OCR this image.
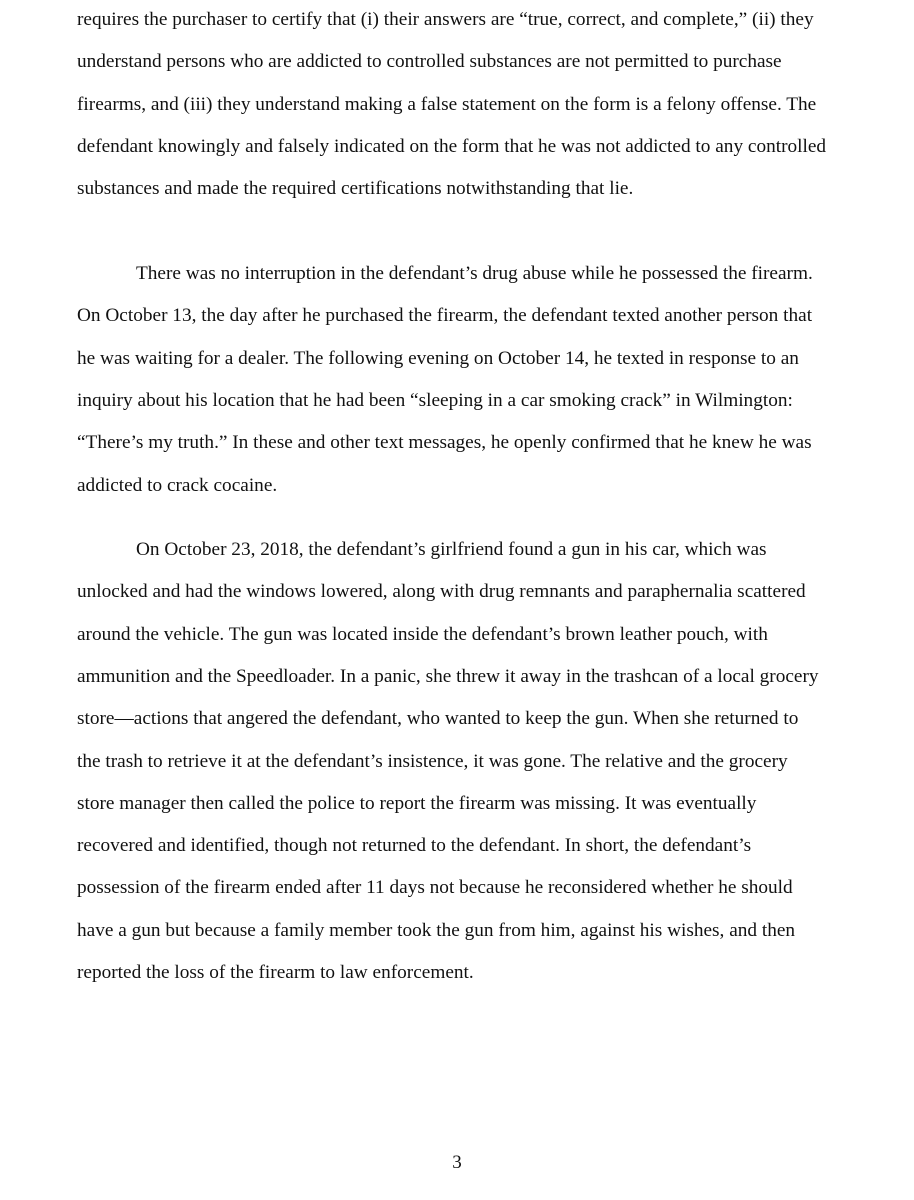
requires the purchaser to certify that (i) their answers are “true, correct, and complete,” (ii) they
understand persons who are addicted to controlled substances are not permitted to purchase
firearms, and (iii) they understand making a false statement on the form is a felony offense. The
defendant knowingly and falsely indicated on the form that he was not addicted to any controlled
substances and made the required certifications notwithstanding that lie.
There was no interruption in the defendant’s drug abuse while he possessed the firearm.
On October 13, the day after he purchased the firearm, the defendant texted another person that
he was waiting for a dealer. The following evening on October 14, he texted in response to an
inquiry about his location that he had been “sleeping in a car smoking crack” in Wilmington:
“There’s my truth.” In these and other text messages, he openly confirmed that he knew he was
addicted to crack cocaine.
On October 23, 2018, the defendant’s girlfriend found a gun in his car, which was
unlocked and had the windows lowered, along with drug remnants and paraphernalia scattered
around the vehicle. The gun was located inside the defendant’s brown leather pouch, with
ammunition and the Speedloader. In a panic, she threw it away in the trashcan of a local grocery
store—actions that angered the defendant, who wanted to keep the gun. When she returned to
the trash to retrieve it at the defendant’s insistence, it was gone. The relative and the grocery
store manager then called the police to report the firearm was missing. It was eventually
recovered and identified, though not returned to the defendant. In short, the defendant’s
possession of the firearm ended after 11 days not because he reconsidered whether he should
have a gun but because a family member took the gun from him, against his wishes, and then
reported the loss of the firearm to law enforcement.
3
